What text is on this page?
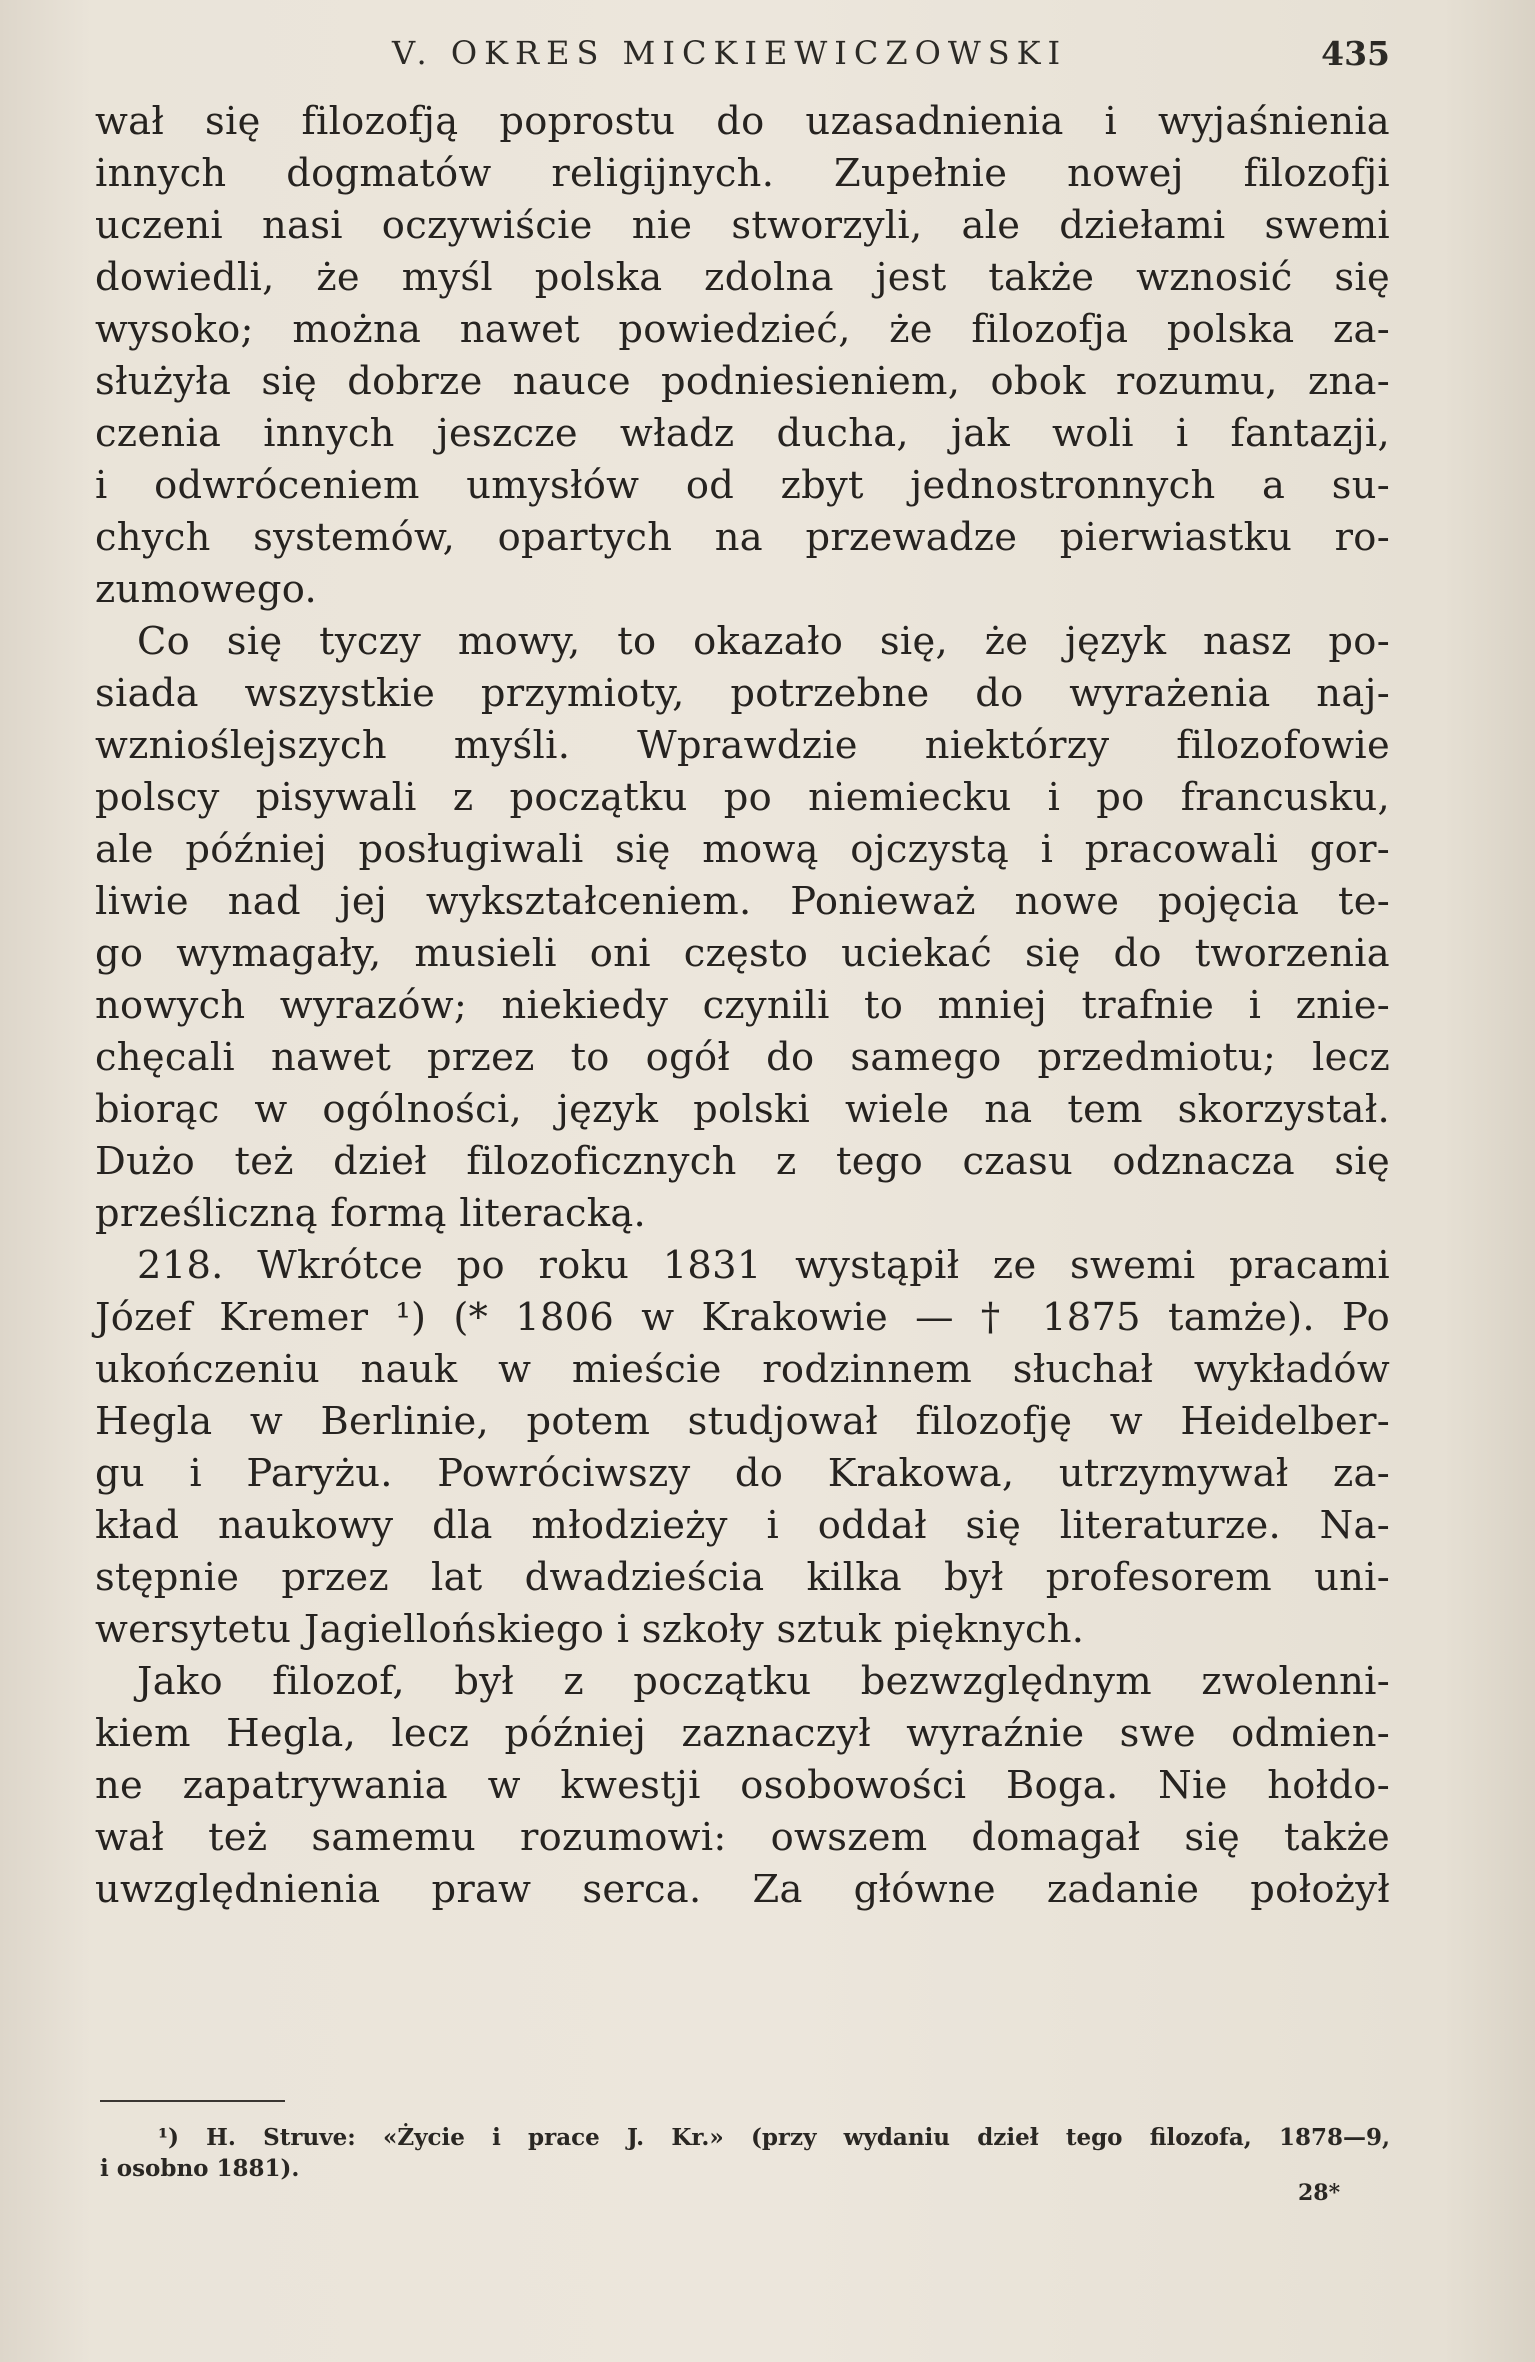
V. OKRES MICKIEWICZOWSKI	435
wał się filozofją poprostu do uzasadnienia i wyjaśnienia
innych dogmatów religijnych. Zupełnie nowej filozofji
uczeni nasi oczywiście nie stworzyli, ale dziełami swemi
dowiedli, że myśl polska zdolna jest także wznosić się
wysoko; można nawet powiedzieć, że filozofja polska za-
służyła się dobrze nauce podniesieniem, obok rozumu, zna-
czenia innych jeszcze władz ducha, jak woli i fantazji,
i odwróceniem umysłów od zbyt jednostronnych a su-
chych systemów, opartych na przewadze pierwiastku ro-
zumowego.
Co się tyczy mowy, to okazało się, że język nasz po-
siada wszystkie przymioty, potrzebne do wyrażenia naj-
wznioślejszych myśli. Wprawdzie niektórzy filozofowie
polscy pisywali z początku po niemiecku i po francusku,
ale później posługiwali się mową ojczystą i pracowali gor-
liwie nad jej wykształceniem. Ponieważ nowe pojęcia te-
go wymagały, musieli oni często uciekać się do tworzenia
nowych wyrazów; niekiedy czynili to mniej trafnie i znie-
chęcali nawet przez to ogół do samego przedmiotu; lecz
biorąc w ogólności, język polski wiele na tem skorzystał.
Dużo też dzieł filozoficznych z tego czasu odznacza się
prześliczną formą literacką.
218. Wkrótce po roku 1831 wystąpił ze swemi pracami
Józef Kremer ¹) (* 1806 w Krakowie — † 1875 tamże). Po
ukończeniu nauk w mieście rodzinnem słuchał wykładów
Hegla w Berlinie, potem studjował filozofję w Heidelber-
gu i Paryżu. Powróciwszy do Krakowa, utrzymywał za-
kład naukowy dla młodzieży i oddał się literaturze. Na-
stępnie przez lat dwadzieścia kilka był profesorem uni-
wersytetu Jagiellońskiego i szkoły sztuk pięknych.
Jako filozof, był z początku bezwzględnym zwolenni-
kiem Hegla, lecz później zaznaczył wyraźnie swe odmien-
ne zapatrywania w kwestji osobowości Boga. Nie hołdo-
wał też samemu rozumowi: owszem domagał się także
uwzględnienia praw serca. Za główne zadanie położył
¹) H. Struve: «Życie i prace J. Kr.» (przy wydaniu dzieł tego filozofa, 1878—9,
i osobno 1881).
28*
